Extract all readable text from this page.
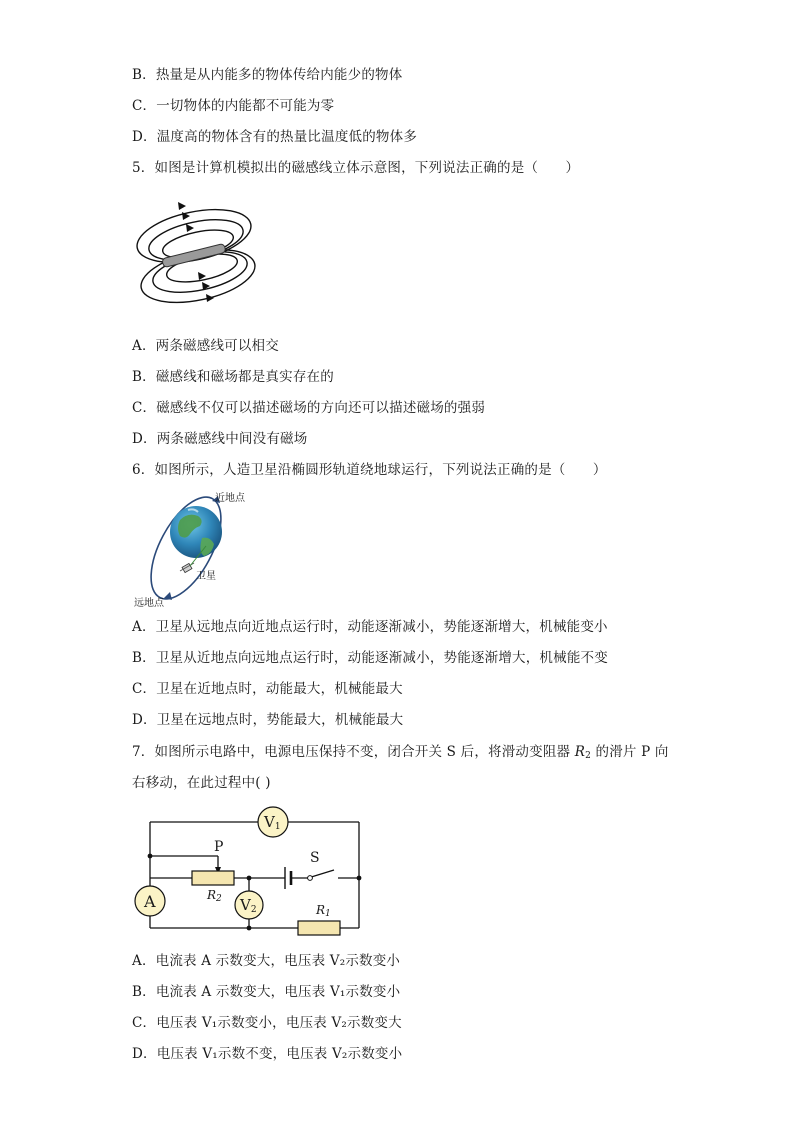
B．热量是从内能多的物体传给内能少的物体
C．一切物体的内能都不可能为零
D．温度高的物体含有的热量比温度低的物体多
5．如图是计算机模拟出的磁感线立体示意图，下列说法正确的是（　　）
A．两条磁感线可以相交
B．磁感线和磁场都是真实存在的
C．磁感线不仅可以描述磁场的方向还可以描述磁场的强弱
D．两条磁感线中间没有磁场
6．如图所示，人造卫星沿椭圆形轨道绕地球运行，下列说法正确的是（　　）
近地点
卫星
远地点
A．卫星从远地点向近地点运行时，动能逐渐减小，势能逐渐增大，机械能变小
B．卫星从近地点向远地点运行时，动能逐渐减小，势能逐渐增大，机械能不变
C．卫星在近地点时，动能最大，机械能最大
D．卫星在远地点时，势能最大，机械能最大
7．如图所示电路中，电源电压保持不变，闭合开关 S 后，将滑动变阻器 $R_2$ 的滑片 P 向
右移动，在此过程中( )
$V_1$
A	$V_2$
P
S
$R_2$
$R_1$
A．电流表 A 示数变大，电压表 V₂示数变小
B．电流表 A 示数变大，电压表 V₁示数变小
C．电压表 V₁示数变小，电压表 V₂示数变大
D．电压表 V₁示数不变，电压表 V₂示数变小
